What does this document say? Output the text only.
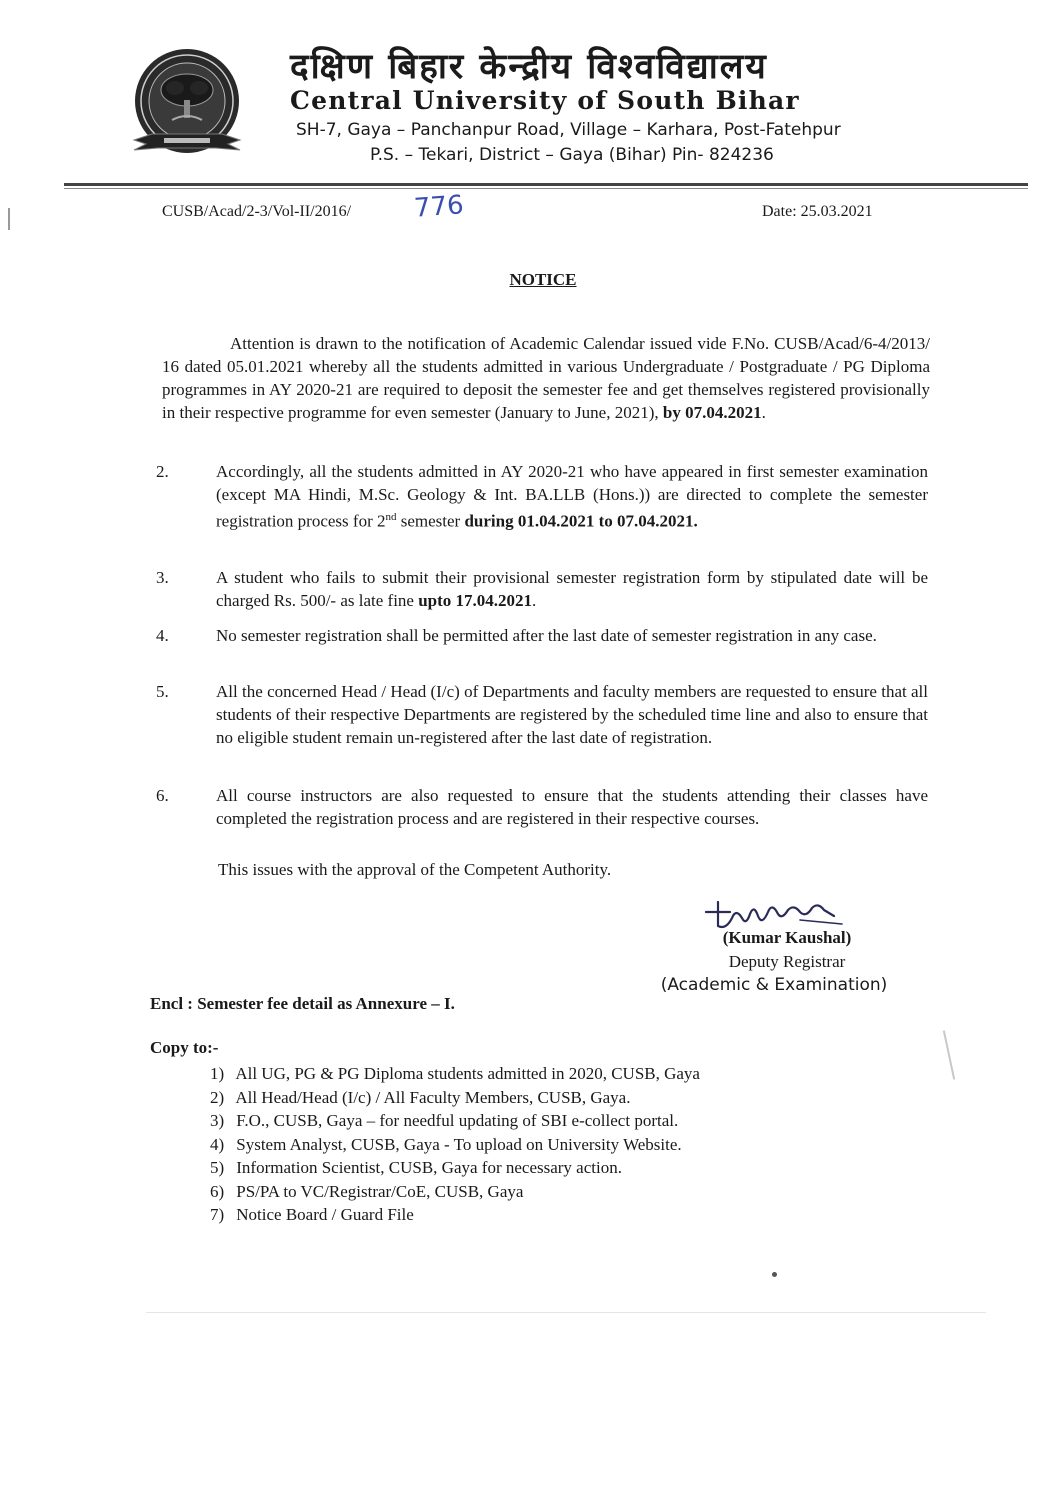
दक्षिण बिहार केन्द्रीय विश्वविद्यालय
Central University of South Bihar
SH-7, Gaya – Panchanpur Road, Village – Karhara, Post-Fatehpur
P.S. – Tekari, District – Gaya (Bihar) Pin- 824236
CUSB/Acad/2-3/Vol-II/2016/ 776	Date: 25.03.2021
NOTICE
Attention is drawn to the notification of Academic Calendar issued vide F.No. CUSB/Acad/6-4/2013/ 16 dated 05.01.2021 whereby all the students admitted in various Undergraduate / Postgraduate / PG Diploma programmes in AY 2020-21 are required to deposit the semester fee and get themselves registered provisionally in their respective programme for even semester (January to June, 2021), by 07.04.2021.
2.	Accordingly, all the students admitted in AY 2020-21 who have appeared in first semester examination (except MA Hindi, M.Sc. Geology & Int. BA.LLB (Hons.)) are directed to complete the semester registration process for 2nd semester during 01.04.2021 to 07.04.2021.
3.	A student who fails to submit their provisional semester registration form by stipulated date will be charged Rs. 500/- as late fine upto 17.04.2021.
4.	No semester registration shall be permitted after the last date of semester registration in any case.
5.	All the concerned Head / Head (I/c) of Departments and faculty members are requested to ensure that all students of their respective Departments are registered by the scheduled time line and also to ensure that no eligible student remain un-registered after the last date of registration.
6.	All course instructors are also requested to ensure that the students attending their classes have completed the registration process and are registered in their respective courses.
This issues with the approval of the Competent Authority.
(Kumar Kaushal)
Deputy Registrar
(Academic & Examination)
Encl : Semester fee detail as Annexure – I.
Copy to:-
1) All UG, PG & PG Diploma students admitted in 2020, CUSB, Gaya
2) All Head/Head (I/c) / All Faculty Members, CUSB, Gaya.
3) F.O., CUSB, Gaya – for needful updating of SBI e-collect portal.
4) System Analyst, CUSB, Gaya - To upload on University Website.
5) Information Scientist, CUSB, Gaya for necessary action.
6) PS/PA to VC/Registrar/CoE, CUSB, Gaya
7) Notice Board / Guard File
